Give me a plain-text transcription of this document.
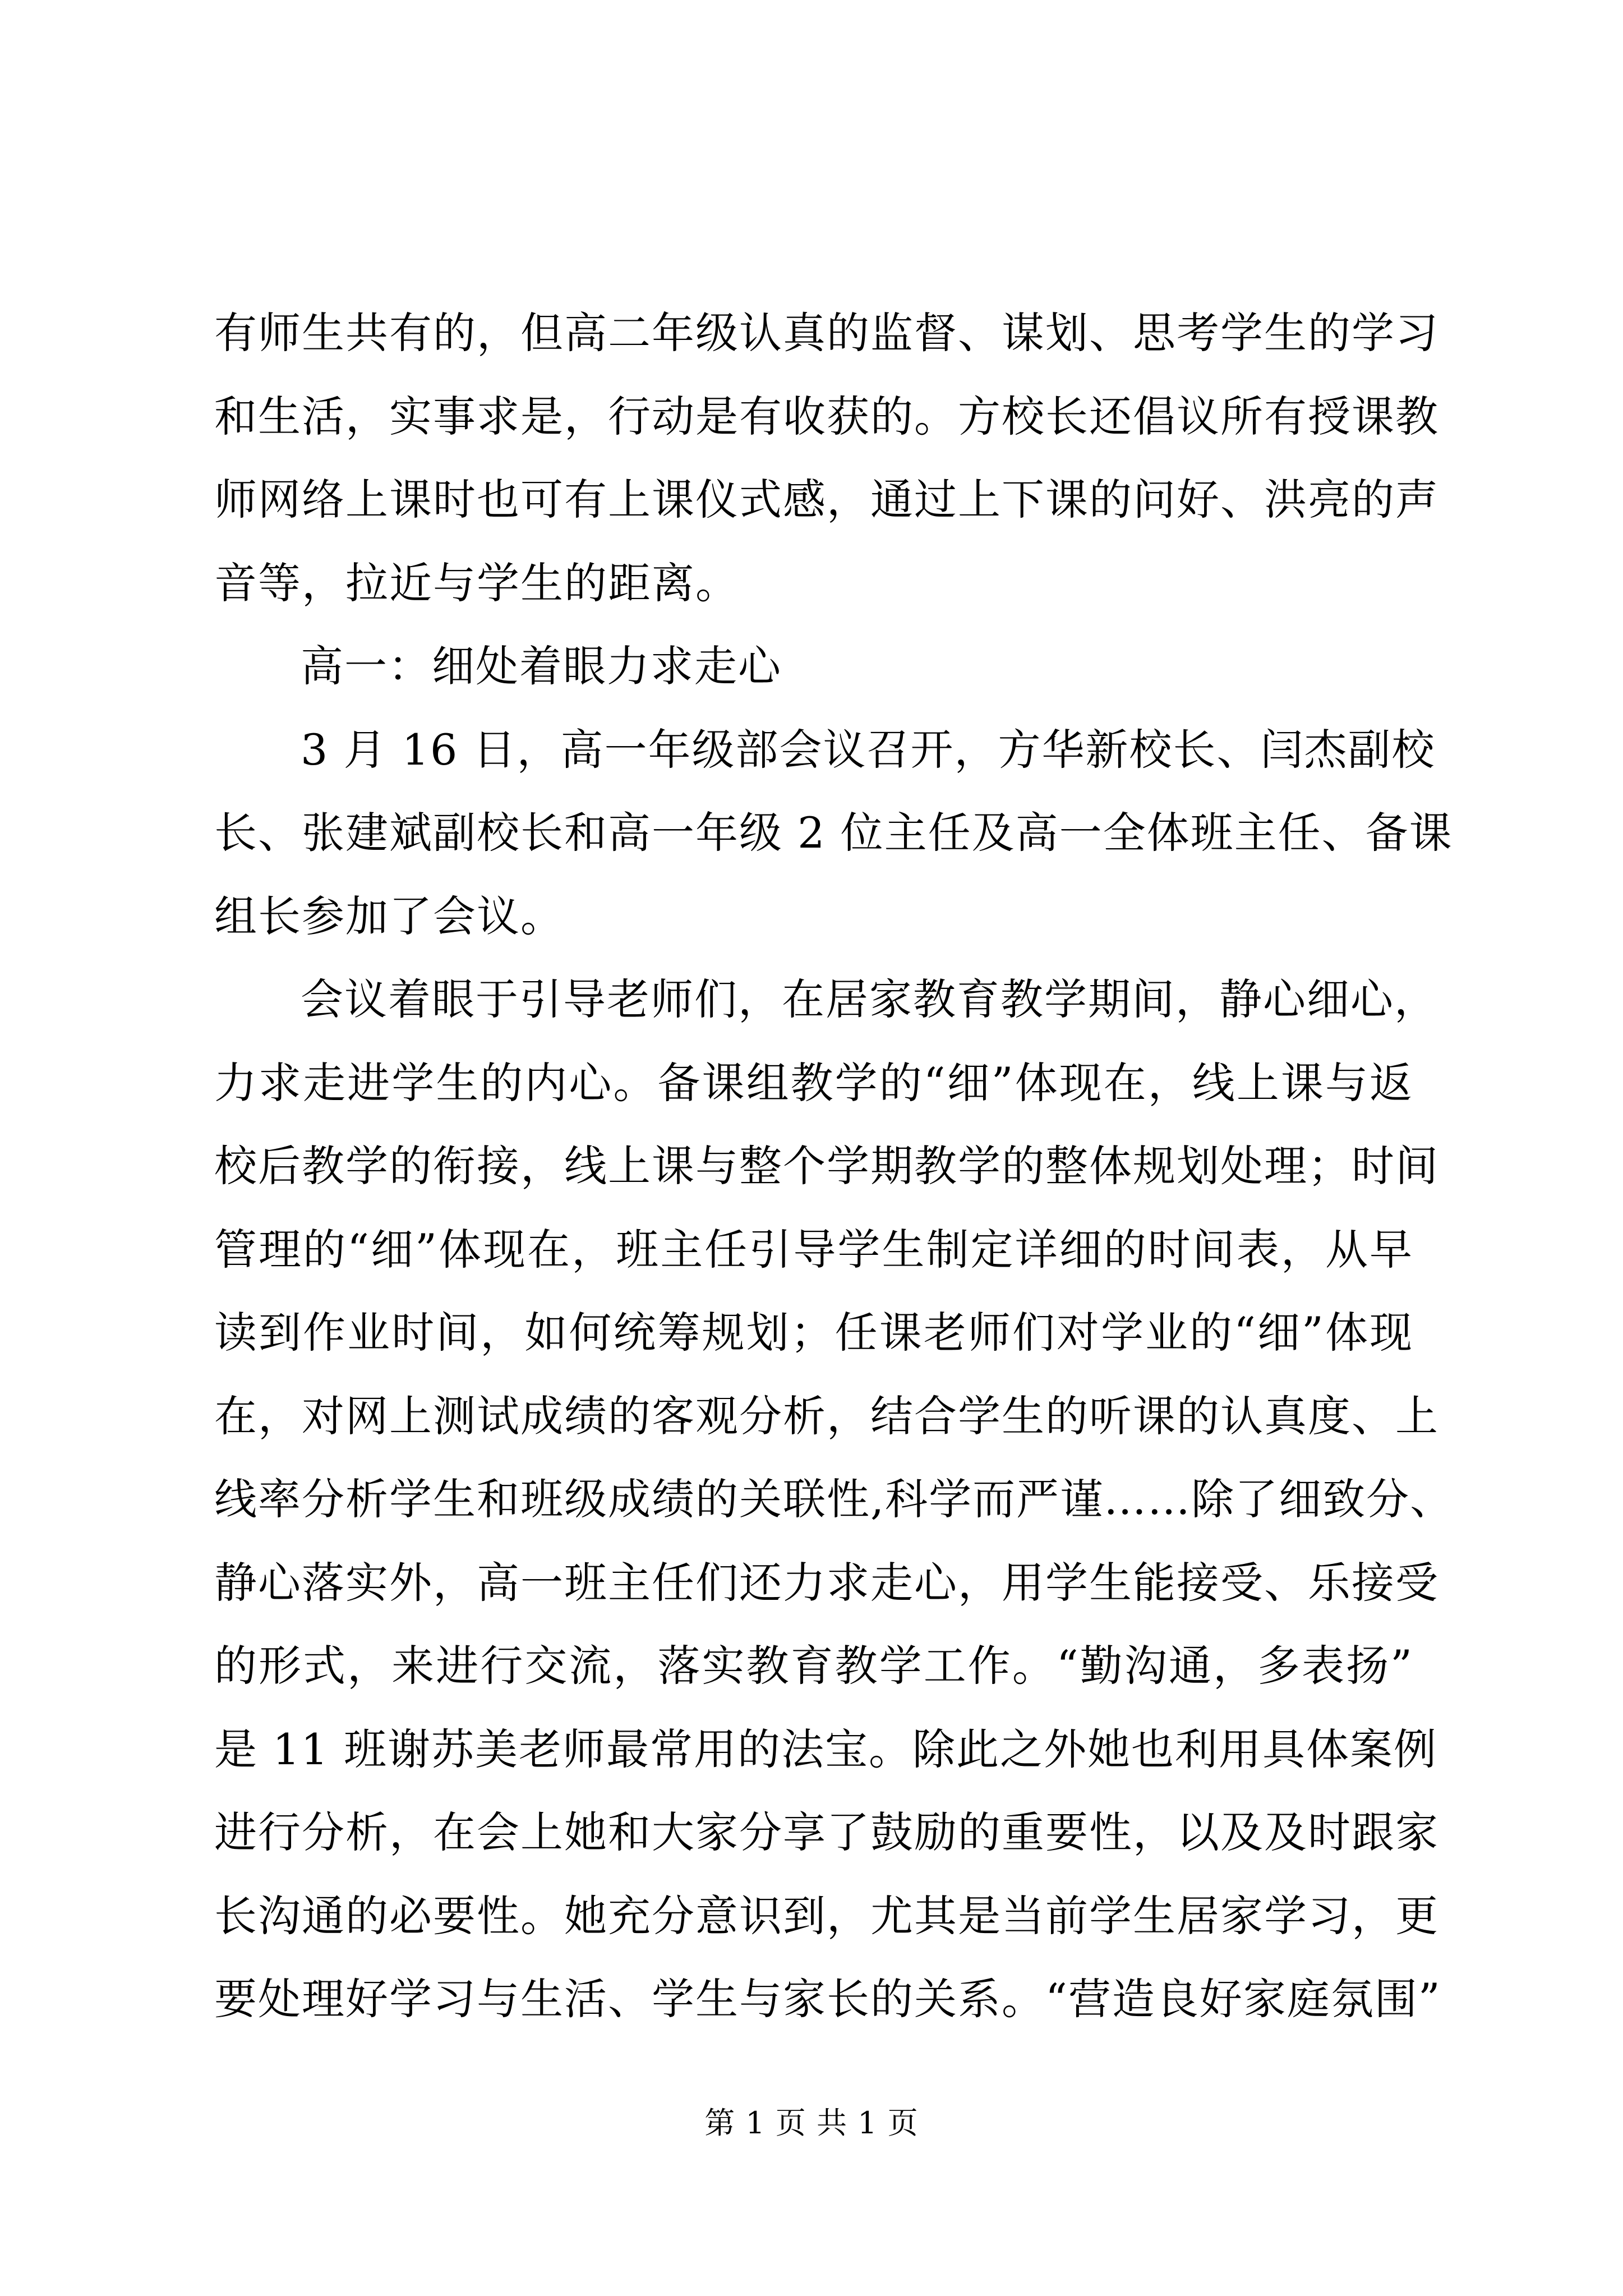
有师生共有的，但高二年级认真的监督、谋划、思考学生的学习
和生活，实事求是，行动是有收获的。方校长还倡议所有授课教
师网络上课时也可有上课仪式感，通过上下课的问好、洪亮的声
音等，拉近与学生的距离。
高一：细处着眼力求走心
3 月 16 日，高一年级部会议召开，方华新校长、闫杰副校
长、张建斌副校长和高一年级 2 位主任及高一全体班主任、备课
组长参加了会议。
会议着眼于引导老师们，在居家教育教学期间，静心细心，
力求走进学生的内心。备课组教学的“细”体现在，线上课与返
校后教学的衔接，线上课与整个学期教学的整体规划处理；时间
管理的“细”体现在，班主任引导学生制定详细的时间表，从早
读到作业时间，如何统筹规划；任课老师们对学业的“细”体现
在，对网上测试成绩的客观分析，结合学生的听课的认真度、上
线率分析学生和班级成绩的关联性,科学而严谨……除了细致分、
静心落实外，高一班主任们还力求走心，用学生能接受、乐接受
的形式，来进行交流，落实教育教学工作。“勤沟通，多表扬”
是 11 班谢苏美老师最常用的法宝。除此之外她也利用具体案例
进行分析，在会上她和大家分享了鼓励的重要性，以及及时跟家
长沟通的必要性。她充分意识到，尤其是当前学生居家学习，更
要处理好学习与生活、学生与家长的关系。“营造良好家庭氛围”
第 1 页 共 1 页
